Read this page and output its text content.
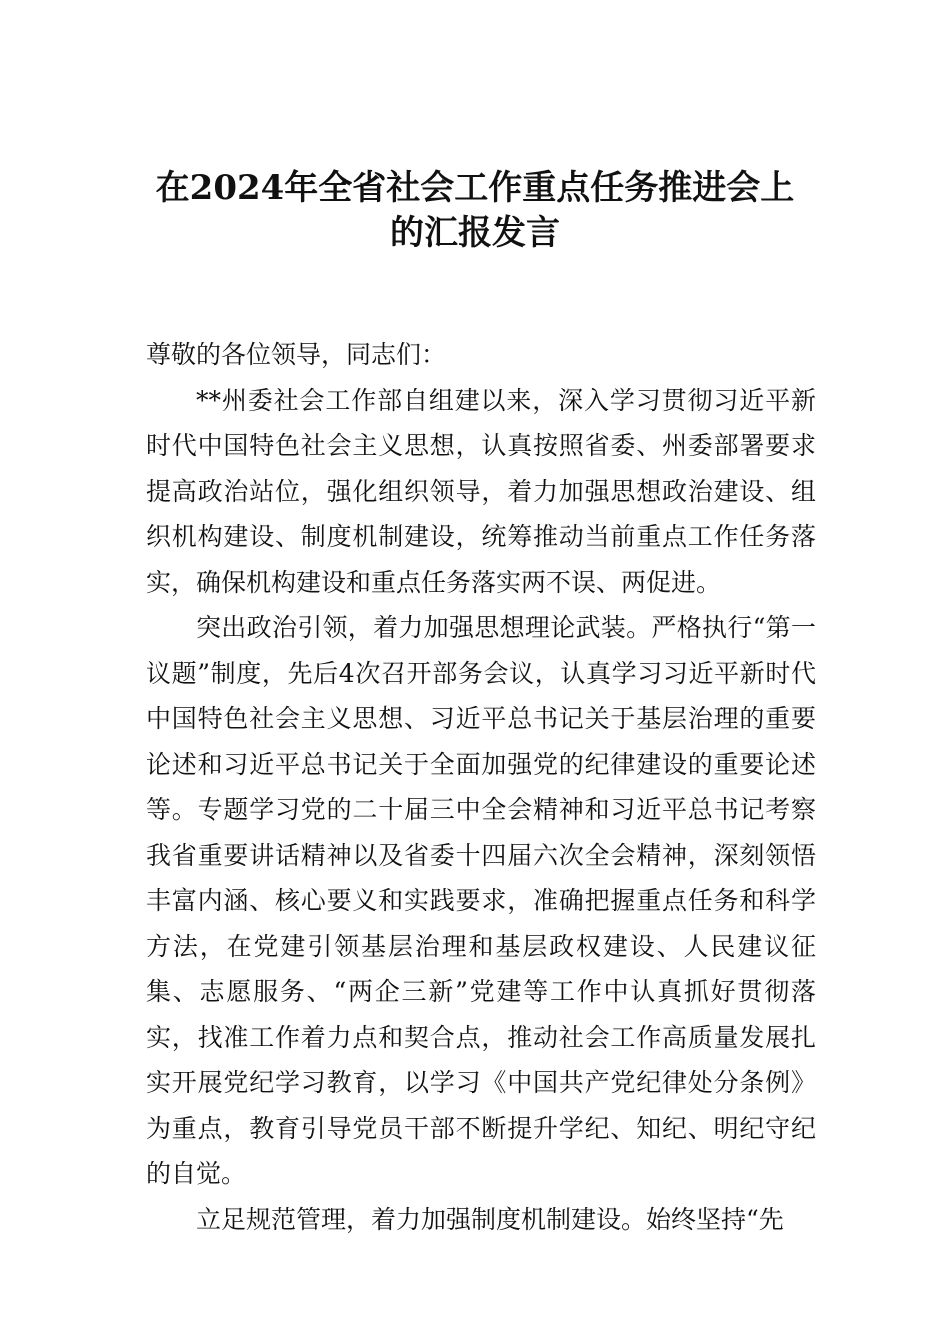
在2024年全省社会工作重点任务推进会上
的汇报发言

尊敬的各位领导，同志们：

**州委社会工作部自组建以来，深入学习贯彻习近平新时代中国特色社会主义思想，认真按照省委、州委部署要求提高政治站位，强化组织领导，着力加强思想政治建设、组织机构建设、制度机制建设，统筹推动当前重点工作任务落实，确保机构建设和重点任务落实两不误、两促进。

突出政治引领，着力加强思想理论武装。严格执行“第一议题”制度，先后4次召开部务会议，认真学习习近平新时代中国特色社会主义思想、习近平总书记关于基层治理的重要论述和习近平总书记关于全面加强党的纪律建设的重要论述等。专题学习党的二十届三中全会精神和习近平总书记考察我省重要讲话精神以及省委十四届六次全会精神，深刻领悟丰富内涵、核心要义和实践要求，准确把握重点任务和科学方法，在党建引领基层治理和基层政权建设、人民建议征集、志愿服务、“两企三新”党建等工作中认真抓好贯彻落实，找准工作着力点和契合点，推动社会工作高质量发展扎实开展党纪学习教育，以学习《中国共产党纪律处分条例》为重点，教育引导党员干部不断提升学纪、知纪、明纪守纪的自觉。

立足规范管理，着力加强制度机制建设。始终坚持“先
